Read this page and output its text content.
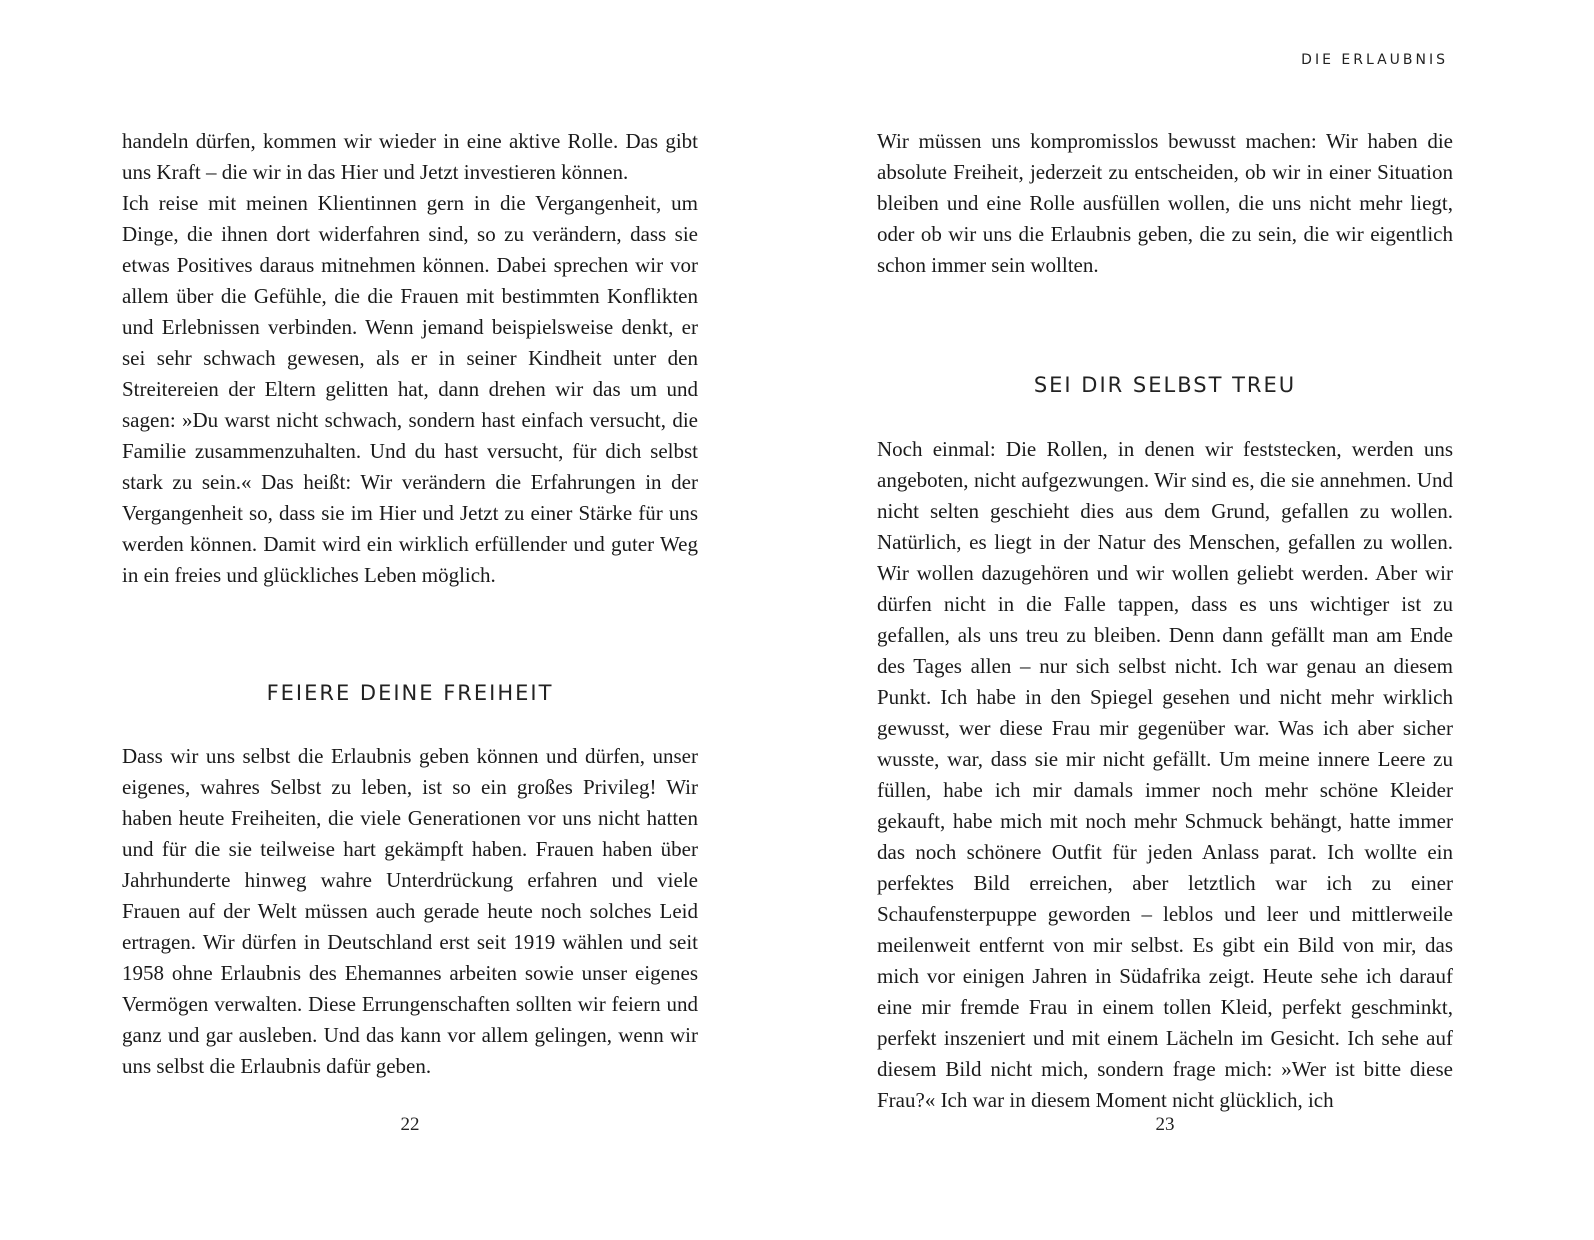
handeln dürfen, kommen wir wieder in eine aktive Rolle. Das gibt uns Kraft – die wir in das Hier und Jetzt investieren können.

Ich reise mit meinen Klientinnen gern in die Vergangenheit, um Dinge, die ihnen dort widerfahren sind, so zu verändern, dass sie etwas Positives daraus mitnehmen können. Dabei sprechen wir vor allem über die Gefühle, die die Frauen mit bestimmten Konflikten und Erlebnissen verbinden. Wenn jemand beispielsweise denkt, er sei sehr schwach gewesen, als er in seiner Kindheit unter den Streitereien der Eltern gelitten hat, dann drehen wir das um und sagen: »Du warst nicht schwach, sondern hast einfach versucht, die Familie zusammenzuhalten. Und du hast versucht, für dich selbst stark zu sein.« Das heißt: Wir verändern die Erfahrungen in der Vergangenheit so, dass sie im Hier und Jetzt zu einer Stärke für uns werden können. Damit wird ein wirklich erfüllender und guter Weg in ein freies und glückliches Leben möglich.

FEIERE DEINE FREIHEIT

Dass wir uns selbst die Erlaubnis geben können und dürfen, unser eigenes, wahres Selbst zu leben, ist so ein großes Privileg! Wir haben heute Freiheiten, die viele Generationen vor uns nicht hatten und für die sie teilweise hart gekämpft haben. Frauen haben über Jahrhunderte hinweg wahre Unterdrückung erfahren und viele Frauen auf der Welt müssen auch gerade heute noch solches Leid ertragen. Wir dürfen in Deutschland erst seit 1919 wählen und seit 1958 ohne Erlaubnis des Ehemannes arbeiten sowie unser eigenes Vermögen verwalten. Diese Errungenschaften sollten wir feiern und ganz und gar ausleben. Und das kann vor allem gelingen, wenn wir uns selbst die Erlaubnis dafür geben.

22
DIE ERLAUBNIS

Wir müssen uns kompromisslos bewusst machen: Wir haben die absolute Freiheit, jederzeit zu entscheiden, ob wir in einer Situation bleiben und eine Rolle ausfüllen wollen, die uns nicht mehr liegt, oder ob wir uns die Erlaubnis geben, die zu sein, die wir eigentlich schon immer sein wollten.

SEI DIR SELBST TREU

Noch einmal: Die Rollen, in denen wir feststecken, werden uns angeboten, nicht aufgezwungen. Wir sind es, die sie annehmen. Und nicht selten geschieht dies aus dem Grund, gefallen zu wollen. Natürlich, es liegt in der Natur des Menschen, gefallen zu wollen. Wir wollen dazugehören und wir wollen geliebt werden. Aber wir dürfen nicht in die Falle tappen, dass es uns wichtiger ist zu gefallen, als uns treu zu bleiben. Denn dann gefällt man am Ende des Tages allen – nur sich selbst nicht. Ich war genau an diesem Punkt. Ich habe in den Spiegel gesehen und nicht mehr wirklich gewusst, wer diese Frau mir gegenüber war. Was ich aber sicher wusste, war, dass sie mir nicht gefällt. Um meine innere Leere zu füllen, habe ich mir damals immer noch mehr schöne Kleider gekauft, habe mich mit noch mehr Schmuck behängt, hatte immer das noch schönere Outfit für jeden Anlass parat. Ich wollte ein perfektes Bild erreichen, aber letztlich war ich zu einer Schaufensterpuppe geworden – leblos und leer und mittlerweile meilenweit entfernt von mir selbst. Es gibt ein Bild von mir, das mich vor einigen Jahren in Südafrika zeigt. Heute sehe ich darauf eine mir fremde Frau in einem tollen Kleid, perfekt geschminkt, perfekt inszeniert und mit einem Lächeln im Gesicht. Ich sehe auf diesem Bild nicht mich, sondern frage mich: »Wer ist bitte diese Frau?« Ich war in diesem Moment nicht glücklich, ich

23
